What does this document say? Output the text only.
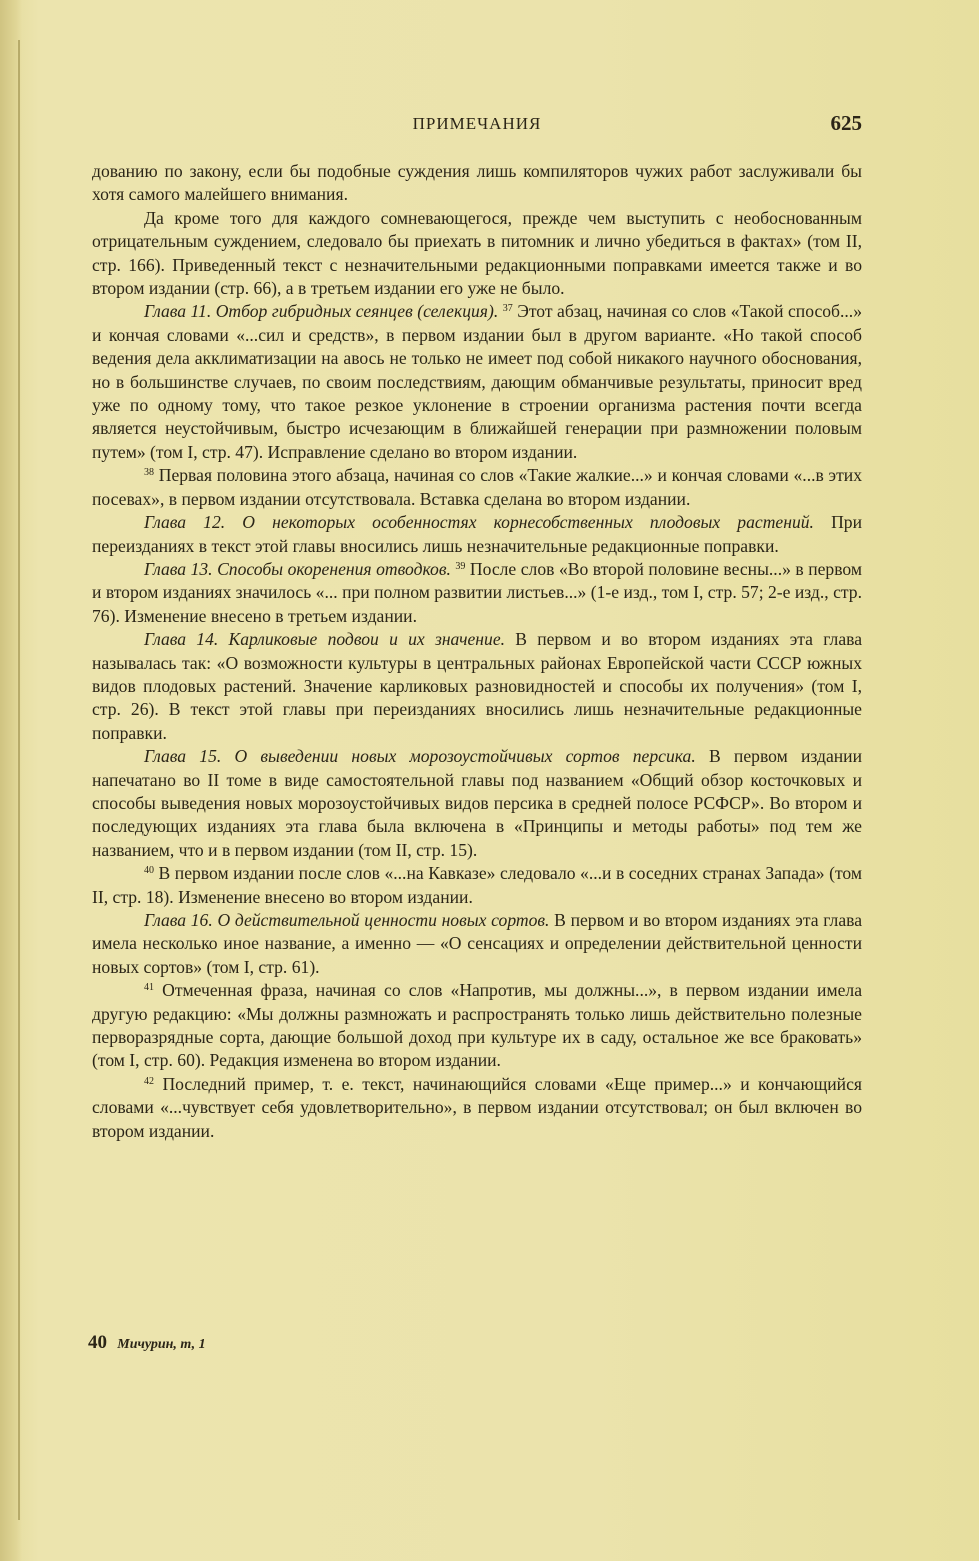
ПРИМЕЧАНИЯ	625

дованию по закону, если бы подобные суждения лишь компиляторов чужих работ заслуживали бы хотя самого малейшего внимания.

Да кроме того для каждого сомневающегося, прежде чем выступить с необоснованным отрицательным суждением, следовало бы приехать в питомник и лично убедиться в фактах» (том II, стр. 166). Приведенный текст с незначительными редакционными поправками имеется также и во втором издании (стр. 66), а в третьем издании его уже не было.

Глава 11. Отбор гибридных сеянцев (селекция). $^{37}$ Этот абзац, начиная со слов «Такой способ...» и кончая словами «...сил и средств», в первом издании был в другом варианте. «Но такой способ ведения дела акклиматизации на авось не только не имеет под собой никакого научного обоснования, но в большинстве случаев, по своим последствиям, дающим обманчивые результаты, приносит вред уже по одному тому, что такое резкое уклонение в строении организма растения почти всегда является неустойчивым, быстро исчезающим в ближайшей генерации при размножении половым путем» (том I, стр. 47). Исправление сделано во втором издании.

$^{38}$ Первая половина этого абзаца, начиная со слов «Такие жалкие...» и кончая словами «...в этих посевах», в первом издании отсутствовала. Вставка сделана во втором издании.

Глава 12. О некоторых особенностях корнесобственных плодовых растений. При переизданиях в текст этой главы вносились лишь незначительные редакционные поправки.

Глава 13. Способы окоренения отводков. $^{39}$ После слов «Во второй половине весны...» в первом и втором изданиях значилось «... при полном развитии листьев...» (1-е изд., том I, стр. 57; 2-е изд., стр. 76). Изменение внесено в третьем издании.

Глава 14. Карликовые подвои и их значение. В первом и во втором изданиях эта глава называлась так: «О возможности культуры в центральных районах Европейской части СССР южных видов плодовых растений. Значение карликовых разновидностей и способы их получения» (том I, стр. 26). В текст этой главы при переизданиях вносились лишь незначительные редакционные поправки.

Глава 15. О выведении новых морозоустойчивых сортов персика. В первом издании напечатано во II томе в виде самостоятельной главы под названием «Общий обзор косточковых и способы выведения новых морозоустойчивых видов персика в средней полосе РСФСР». Во втором и последующих изданиях эта глава была включена в «Принципы и методы работы» под тем же названием, что и в первом издании (том II, стр. 15).

$^{40}$ В первом издании после слов «...на Кавказе» следовало «...и в соседних странах Запада» (том II, стр. 18). Изменение внесено во втором издании.

Глава 16. О действительной ценности новых сортов. В первом и во втором изданиях эта глава имела несколько иное название, а именно — «О сенсациях и определении действительной ценности новых сортов» (том I, стр. 61).

$^{41}$ Отмеченная фраза, начиная со слов «Напротив, мы должны...», в первом издании имела другую редакцию: «Мы должны размножать и распространять только лишь действительно полезные перворазрядные сорта, дающие большой доход при культуре их в саду, остальное же все браковать» (том I, стр. 60). Редакция изменена во втором издании.

$^{42}$ Последний пример, т. е. текст, начинающийся словами «Еще пример...» и кончающийся словами «...чувствует себя удовлетворительно», в первом издании отсутствовал; он был включен во втором издании.

40 Мичурин, т, 1
